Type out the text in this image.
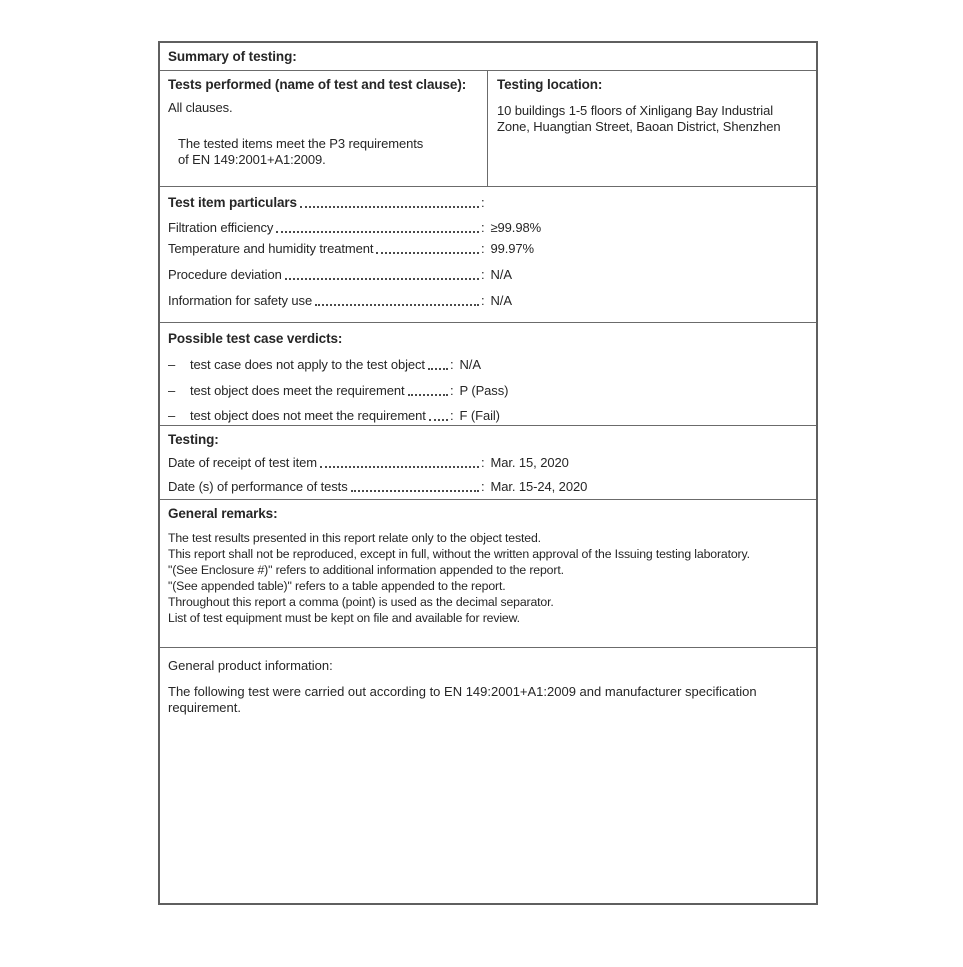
Summary of testing:
Tests performed (name of test and test clause):
All clauses.
The tested items meet the P3 requirements
of EN 149:2001+A1:2009.
Testing location:
10 buildings 1-5 floors of Xinligang Bay Industrial
Zone, Huangtian Street, Baoan District, Shenzhen
Test item particulars	:
Filtration efficiency	: ≥99.98%
Temperature and humidity treatment	: 99.97%
Procedure deviation	: N/A
Information for safety use	: N/A
Possible test case verdicts:
–	test case does not apply to the test object : N/A
–	test object does meet the requirement	: P (Pass)
–	test object does not meet the requirement : F (Fail)
Testing:
Date of receipt of test item	: Mar. 15, 2020
Date (s) of performance of tests	: Mar. 15-24, 2020
General remarks:
The test results presented in this report relate only to the object tested.
This report shall not be reproduced, except in full, without the written approval of the Issuing testing laboratory.
"(See Enclosure #)" refers to additional information appended to the report.
"(See appended table)" refers to a table appended to the report.
Throughout this report a comma (point) is used as the decimal separator.
List of test equipment must be kept on file and available for review.
General product information:
The following test were carried out according to EN 149:2001+A1:2009 and manufacturer specification requirement.
